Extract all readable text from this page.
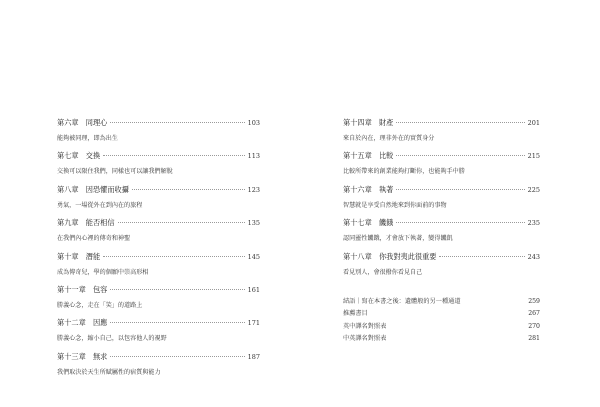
第六章　同理心	103
能夠被同理，即為出生
第七章　交換	113
交換可以限住我們，同樣也可以讓我們解脫
第八章　因恐懼而收攝	123
勇氣，一場從外在到內在的旅程
第九章　能否相信	135
在我們內心裡的傳奇和神聖
第十章　潛能	145
成為傳奇兒，學的個願中崇高形相
第十一章　包容	161
勝義心念，走在「笑」的道路上
第十二章　因應	171
勝義心念，縮小自己，以包容他人的視野
第十三章　無求	187
我們取決於天生所賦屬性的宿質與能力
第十四章　財產	201
來自於內在，理非外在的實質身分
第十五章　比較	215
比較所帶來的創業能夠打斷你，也能夠手中勝
第十六章　執著	225
智慧就是享受自然地來到你面前的事物
第十七章　饑餓	235
認同靈性饑餓，才會放下執著，變得饑飢
第十八章　你我對夷此很重要	243
看見別人，會很撥你看見自己
結語｜寫在本書之後：遺體般的另一種通道	259
推薦書目	267
英中譯名對照表	270
中英譯名對照表	281
